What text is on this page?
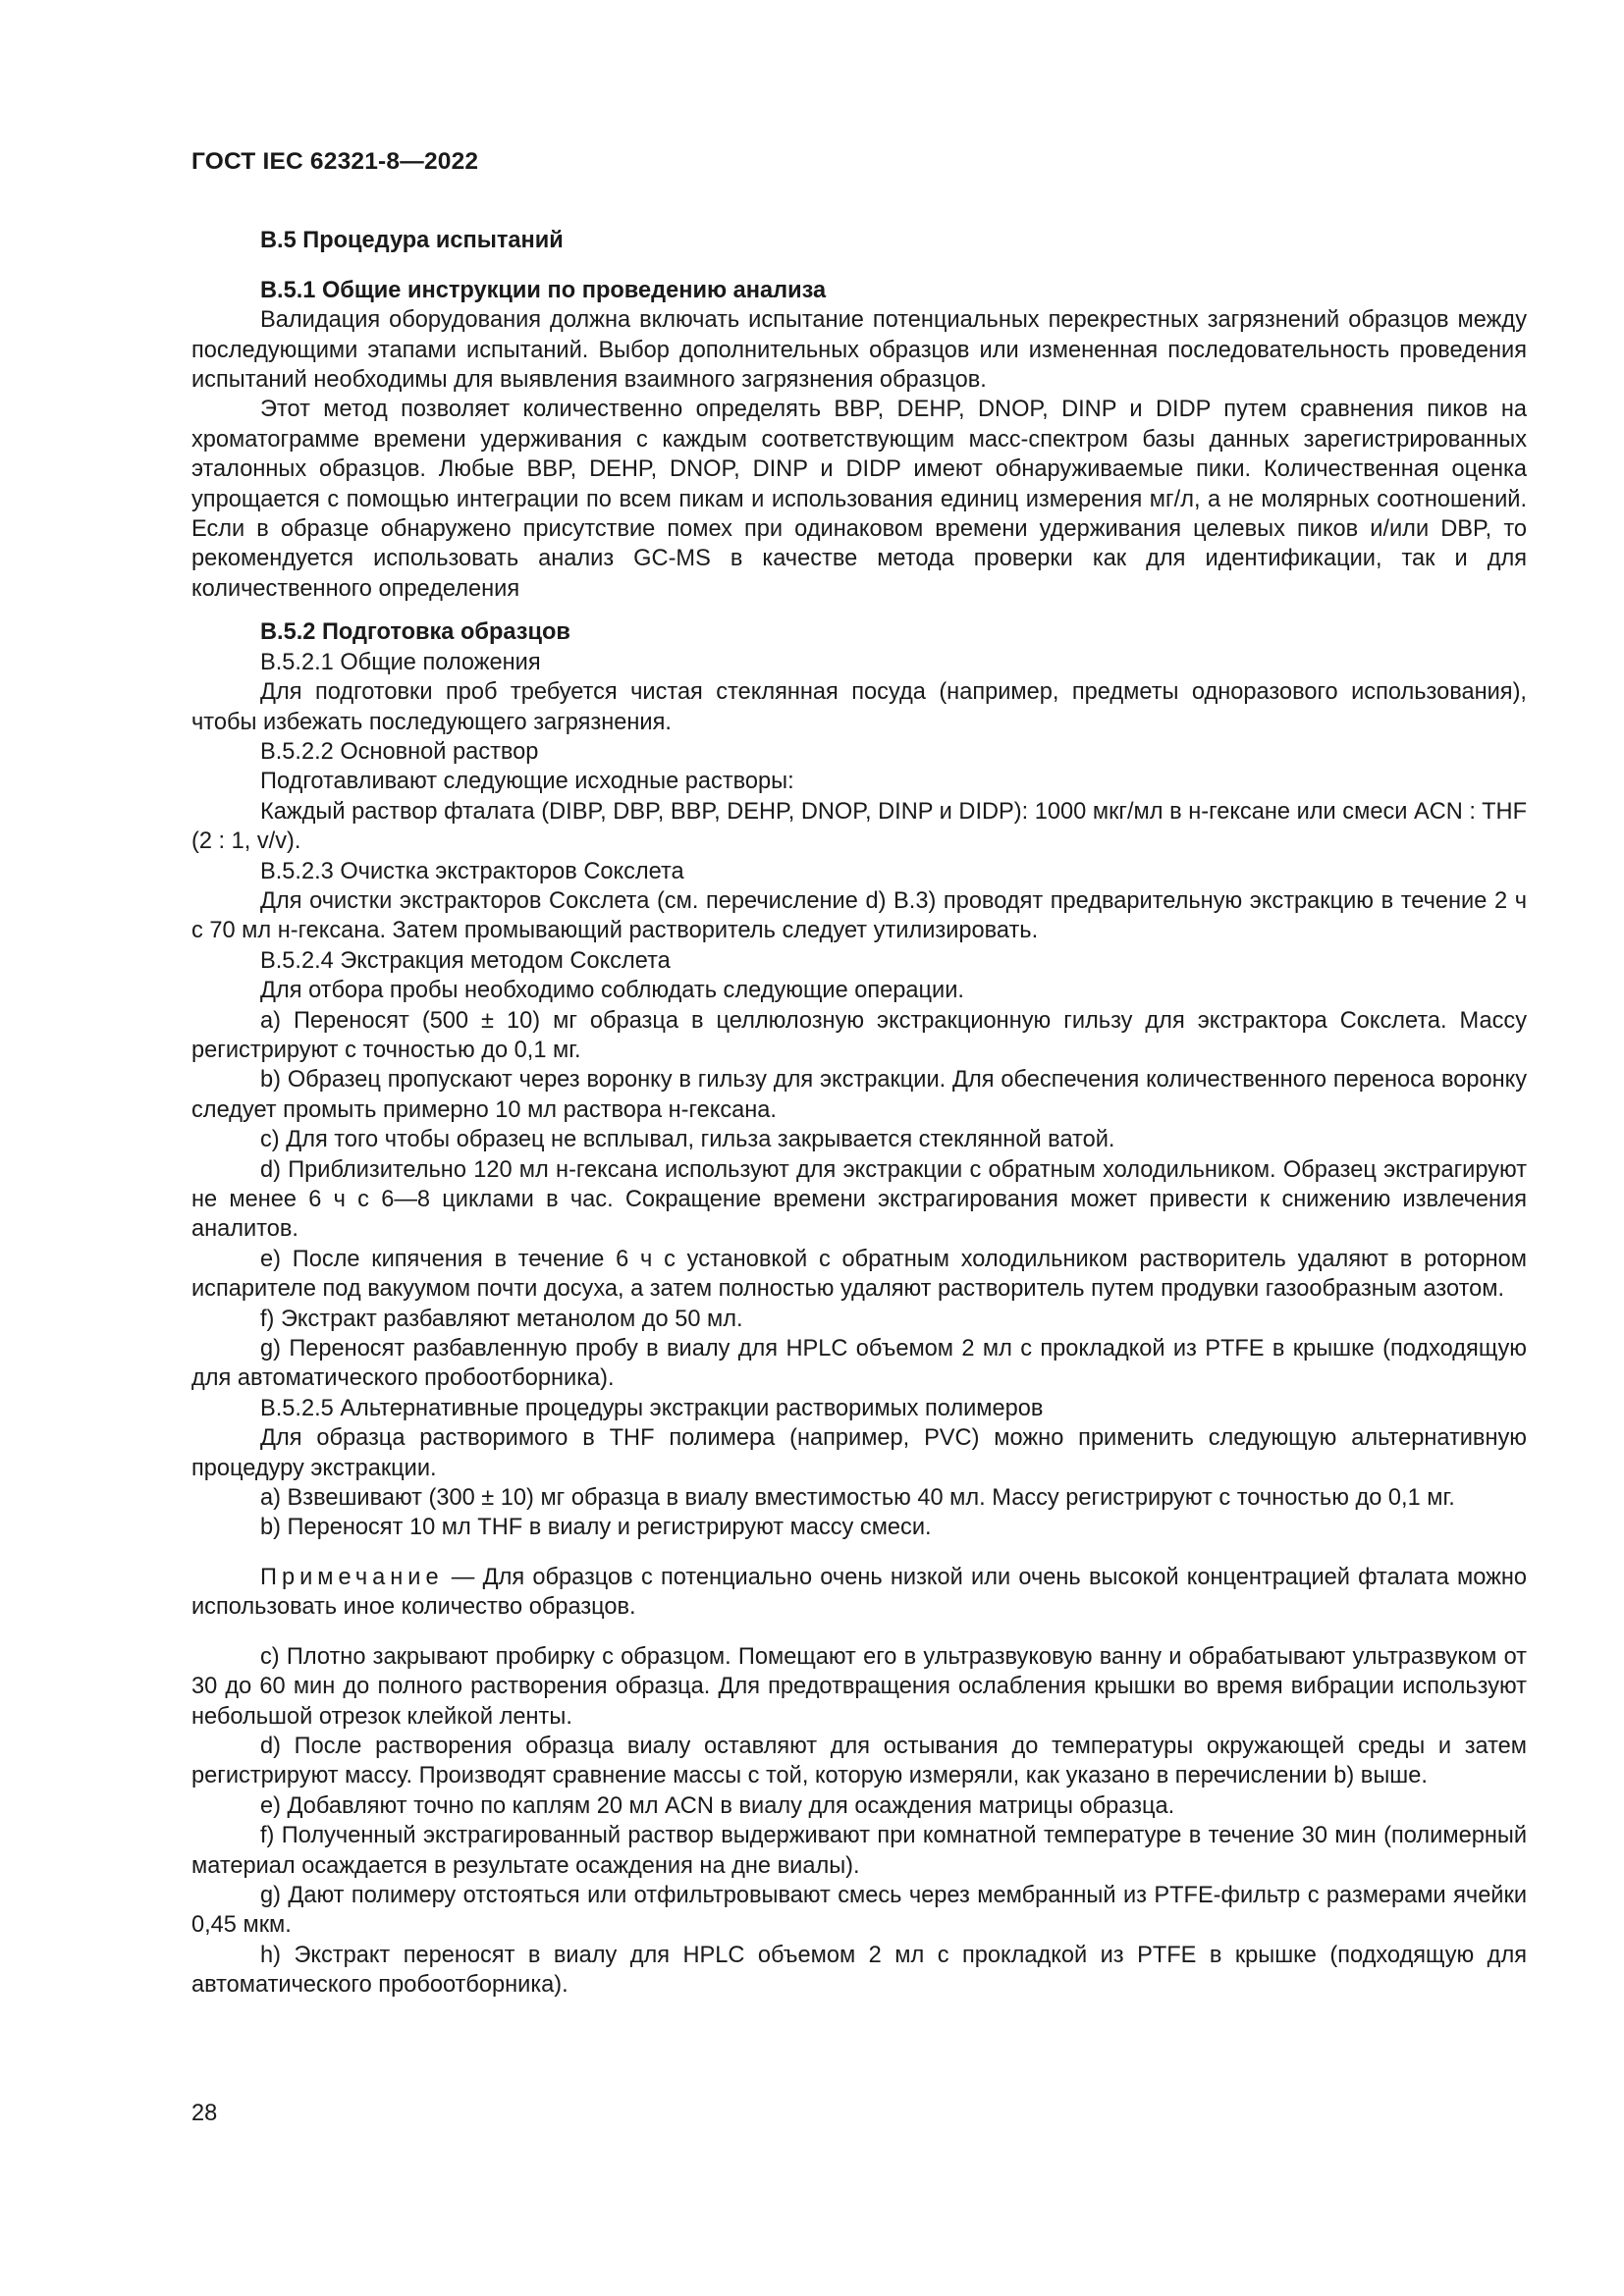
ГОСТ IEC 62321-8—2022
B.5 Процедура испытаний
B.5.1 Общие инструкции по проведению анализа
Валидация оборудования должна включать испытание потенциальных перекрестных загрязнений образцов между последующими этапами испытаний. Выбор дополнительных образцов или измененная последовательность проведения испытаний необходимы для выявления взаимного загрязнения образцов.
Этот метод позволяет количественно определять BBP, DEHP, DNOP, DINP и DIDP путем сравнения пиков на хроматограмме времени удерживания с каждым соответствующим масс-спектром базы данных зарегистрированных эталонных образцов. Любые BBP, DEHP, DNOP, DINP и DIDP имеют обнаруживаемые пики. Количественная оценка упрощается с помощью интеграции по всем пикам и использования единиц измерения мг/л, а не молярных соотношений. Если в образце обнаружено присутствие помех при одинаковом времени удерживания целевых пиков и/или DBP, то рекомендуется использовать анализ GC-MS в качестве метода проверки как для идентификации, так и для количественного определения
B.5.2 Подготовка образцов
B.5.2.1 Общие положения
Для подготовки проб требуется чистая стеклянная посуда (например, предметы одноразового использования), чтобы избежать последующего загрязнения.
B.5.2.2 Основной раствор
Подготавливают следующие исходные растворы:
Каждый раствор фталата (DIBP, DBP, BBP, DEHP, DNOP, DINP и DIDP): 1000 мкг/мл в н-гексане или смеси ACN : THF (2 : 1, v/v).
B.5.2.3 Очистка экстракторов Сокслета
Для очистки экстракторов Сокслета (см. перечисление d) B.3) проводят предварительную экстракцию в течение 2 ч с 70 мл н-гексана. Затем промывающий растворитель следует утилизировать.
B.5.2.4 Экстракция методом Сокслета
Для отбора пробы необходимо соблюдать следующие операции.
a) Переносят (500 ± 10) мг образца в целлюлозную экстракционную гильзу для экстрактора Сокслета. Массу регистрируют с точностью до 0,1 мг.
b) Образец пропускают через воронку в гильзу для экстракции. Для обеспечения количественного переноса воронку следует промыть примерно 10 мл раствора н-гексана.
c) Для того чтобы образец не всплывал, гильза закрывается стеклянной ватой.
d) Приблизительно 120 мл н-гексана используют для экстракции с обратным холодильником. Образец экстрагируют не менее 6 ч с 6—8 циклами в час. Сокращение времени экстрагирования может привести к снижению извлечения аналитов.
e) После кипячения в течение 6 ч с установкой с обратным холодильником растворитель удаляют в роторном испарителе под вакуумом почти досуха, а затем полностью удаляют растворитель путем продувки газообразным азотом.
f) Экстракт разбавляют метанолом до 50 мл.
g) Переносят разбавленную пробу в виалу для HPLC объемом 2 мл с прокладкой из PTFE в крышке (подходящую для автоматического пробоотборника).
B.5.2.5 Альтернативные процедуры экстракции растворимых полимеров
Для образца растворимого в THF полимера (например, PVC) можно применить следующую альтернативную процедуру экстракции.
a) Взвешивают (300 ± 10) мг образца в виалу вместимостью 40 мл. Массу регистрируют с точностью до 0,1 мг.
b) Переносят 10 мл THF в виалу и регистрируют массу смеси.
Примечание — Для образцов с потенциально очень низкой или очень высокой концентрацией фталата можно использовать иное количество образцов.
c) Плотно закрывают пробирку с образцом. Помещают его в ультразвуковую ванну и обрабатывают ультразвуком от 30 до 60 мин до полного растворения образца. Для предотвращения ослабления крышки во время вибрации используют небольшой отрезок клейкой ленты.
d) После растворения образца виалу оставляют для остывания до температуры окружающей среды и затем регистрируют массу. Производят сравнение массы с той, которую измеряли, как указано в перечислении b) выше.
e) Добавляют точно по каплям 20 мл ACN в виалу для осаждения матрицы образца.
f) Полученный экстрагированный раствор выдерживают при комнатной температуре в течение 30 мин (полимерный материал осаждается в результате осаждения на дне виалы).
g) Дают полимеру отстояться или отфильтровывают смесь через мембранный из PTFE-фильтр с размерами ячейки 0,45 мкм.
h) Экстракт переносят в виалу для HPLC объемом 2 мл с прокладкой из PTFE в крышке (подходящую для автоматического пробоотборника).
28
